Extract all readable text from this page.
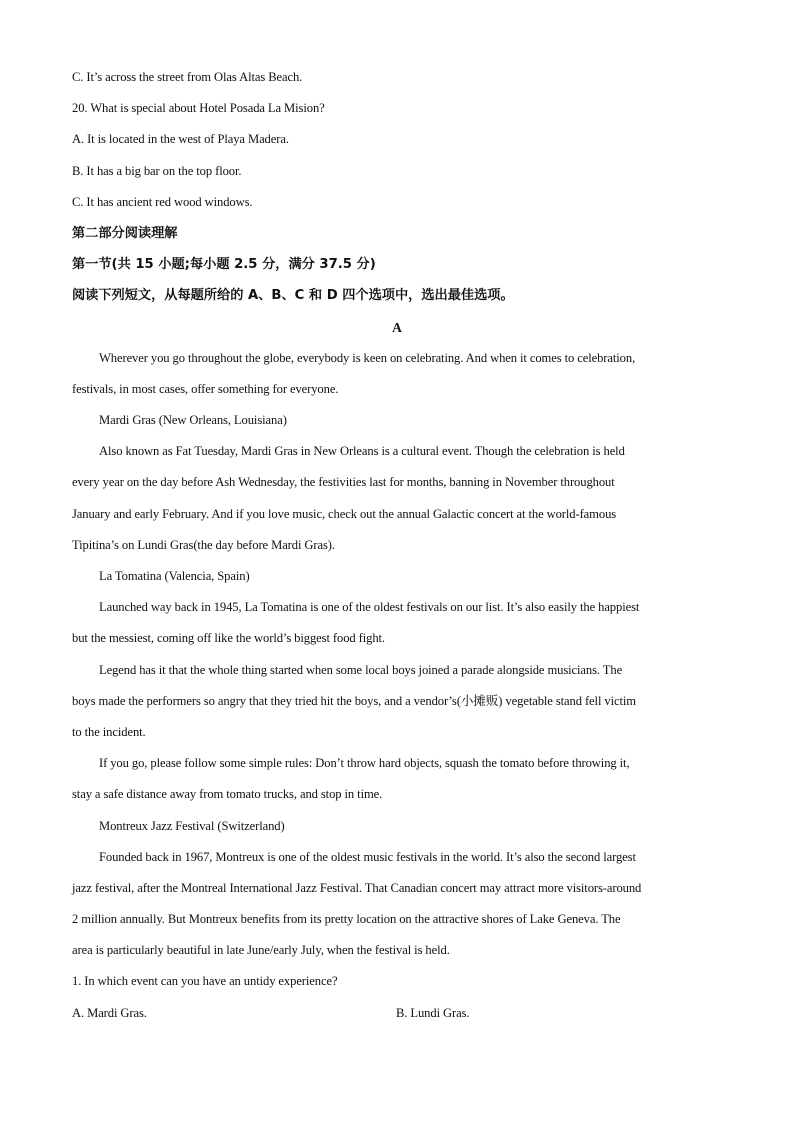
C. It’s across the street from Olas Altas Beach.
20. What is special about Hotel Posada La Mision?
A. It is located in the west of Playa Madera.
B. It has a big bar on the top floor.
C. It has ancient red wood windows.
第二部分阅读理解
第一节(共 15 小题;每小题 2.5 分，满分 37.5 分)
阅读下列短文，从每题所给的 A、B、C 和 D 四个选项中，选出最佳选项。
A
Wherever you go throughout the globe, everybody is keen on celebrating. And when it comes to celebration,
festivals, in most cases, offer something for everyone.
Mardi Gras (New Orleans, Louisiana)
Also known as Fat Tuesday, Mardi Gras in New Orleans is a cultural event. Though the celebration is held
every year on the day before Ash Wednesday, the festivities last for months, banning in November throughout
January and early February. And if you love music, check out the annual Galactic concert at the world-famous
Tipitina’s on Lundi Gras(the day before Mardi Gras).
La Tomatina (Valencia, Spain)
Launched way back in 1945, La Tomatina is one of the oldest festivals on our list. It’s also easily the happiest
but the messiest, coming off like the world’s biggest food fight.
Legend has it that the whole thing started when some local boys joined a parade alongside musicians. The
boys made the performers so angry that they tried hit the boys, and a vendor’s(小摊贩) vegetable stand fell victim
to the incident.
If you go, please follow some simple rules: Don’t throw hard objects, squash the tomato before throwing it,
stay a safe distance away from tomato trucks, and stop in time.
Montreux Jazz Festival (Switzerland)
Founded back in 1967, Montreux is one of the oldest music festivals in the world. It’s also the second largest
jazz festival, after the Montreal International Jazz Festival. That Canadian concert may attract more visitors-around
2 million annually. But Montreux benefits from its pretty location on the attractive shores of Lake Geneva. The
area is particularly beautiful in late June/early July, when the festival is held.
1. In which event can you have an untidy experience?
A. Mardi Gras.	B. Lundi Gras.
